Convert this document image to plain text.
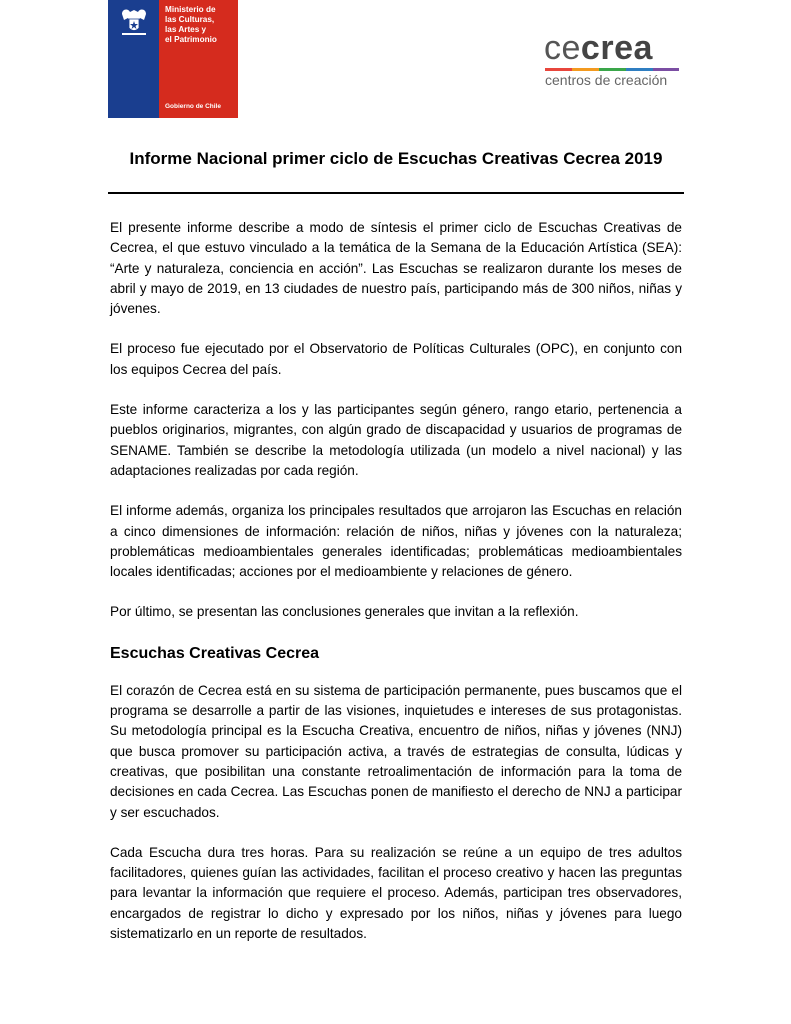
Ministerio de
las Culturas,
las Artes y
el Patrimonio
Gobierno de Chile
cecrea
centros de creación
Informe Nacional primer ciclo de Escuchas Creativas Cecrea 2019

El presente informe describe a modo de síntesis el primer ciclo de Escuchas Creativas de Cecrea, el que estuvo vinculado a la temática de la Semana de la Educación Artística (SEA): “Arte y naturaleza, conciencia en acción”. Las Escuchas se realizaron durante los meses de abril y mayo de 2019, en 13 ciudades de nuestro país, participando más de 300 niños, niñas y jóvenes.

El proceso fue ejecutado por el Observatorio de Políticas Culturales (OPC), en conjunto con los equipos Cecrea del país.

Este informe caracteriza a los y las participantes según género, rango etario, pertenencia a pueblos originarios, migrantes, con algún grado de discapacidad y usuarios de programas de SENAME. También se describe la metodología utilizada (un modelo a nivel nacional) y las adaptaciones realizadas por cada región.

El informe además, organiza los principales resultados que arrojaron las Escuchas en relación a cinco dimensiones de información: relación de niños, niñas y jóvenes con la naturaleza; problemáticas medioambientales generales identificadas; problemáticas medioambientales locales identificadas; acciones por el medioambiente y relaciones de género.

Por último, se presentan las conclusiones generales que invitan a la reflexión.

Escuchas Creativas Cecrea

El corazón de Cecrea está en su sistema de participación permanente, pues buscamos que el programa se desarrolle a partir de las visiones, inquietudes e intereses de sus protagonistas. Su metodología principal es la Escucha Creativa, encuentro de niños, niñas y jóvenes (NNJ) que busca promover su participación activa, a través de estrategias de consulta, lúdicas y creativas, que posibilitan una constante retroalimentación de información para la toma de decisiones en cada Cecrea. Las Escuchas ponen de manifiesto el derecho de NNJ a participar y ser escuchados.

Cada Escucha dura tres horas. Para su realización se reúne a un equipo de tres adultos facilitadores, quienes guían las actividades, facilitan el proceso creativo y hacen las preguntas para levantar la información que requiere el proceso. Además, participan tres observadores, encargados de registrar lo dicho y expresado por los niños, niñas y jóvenes para luego sistematizarlo en un reporte de resultados.
